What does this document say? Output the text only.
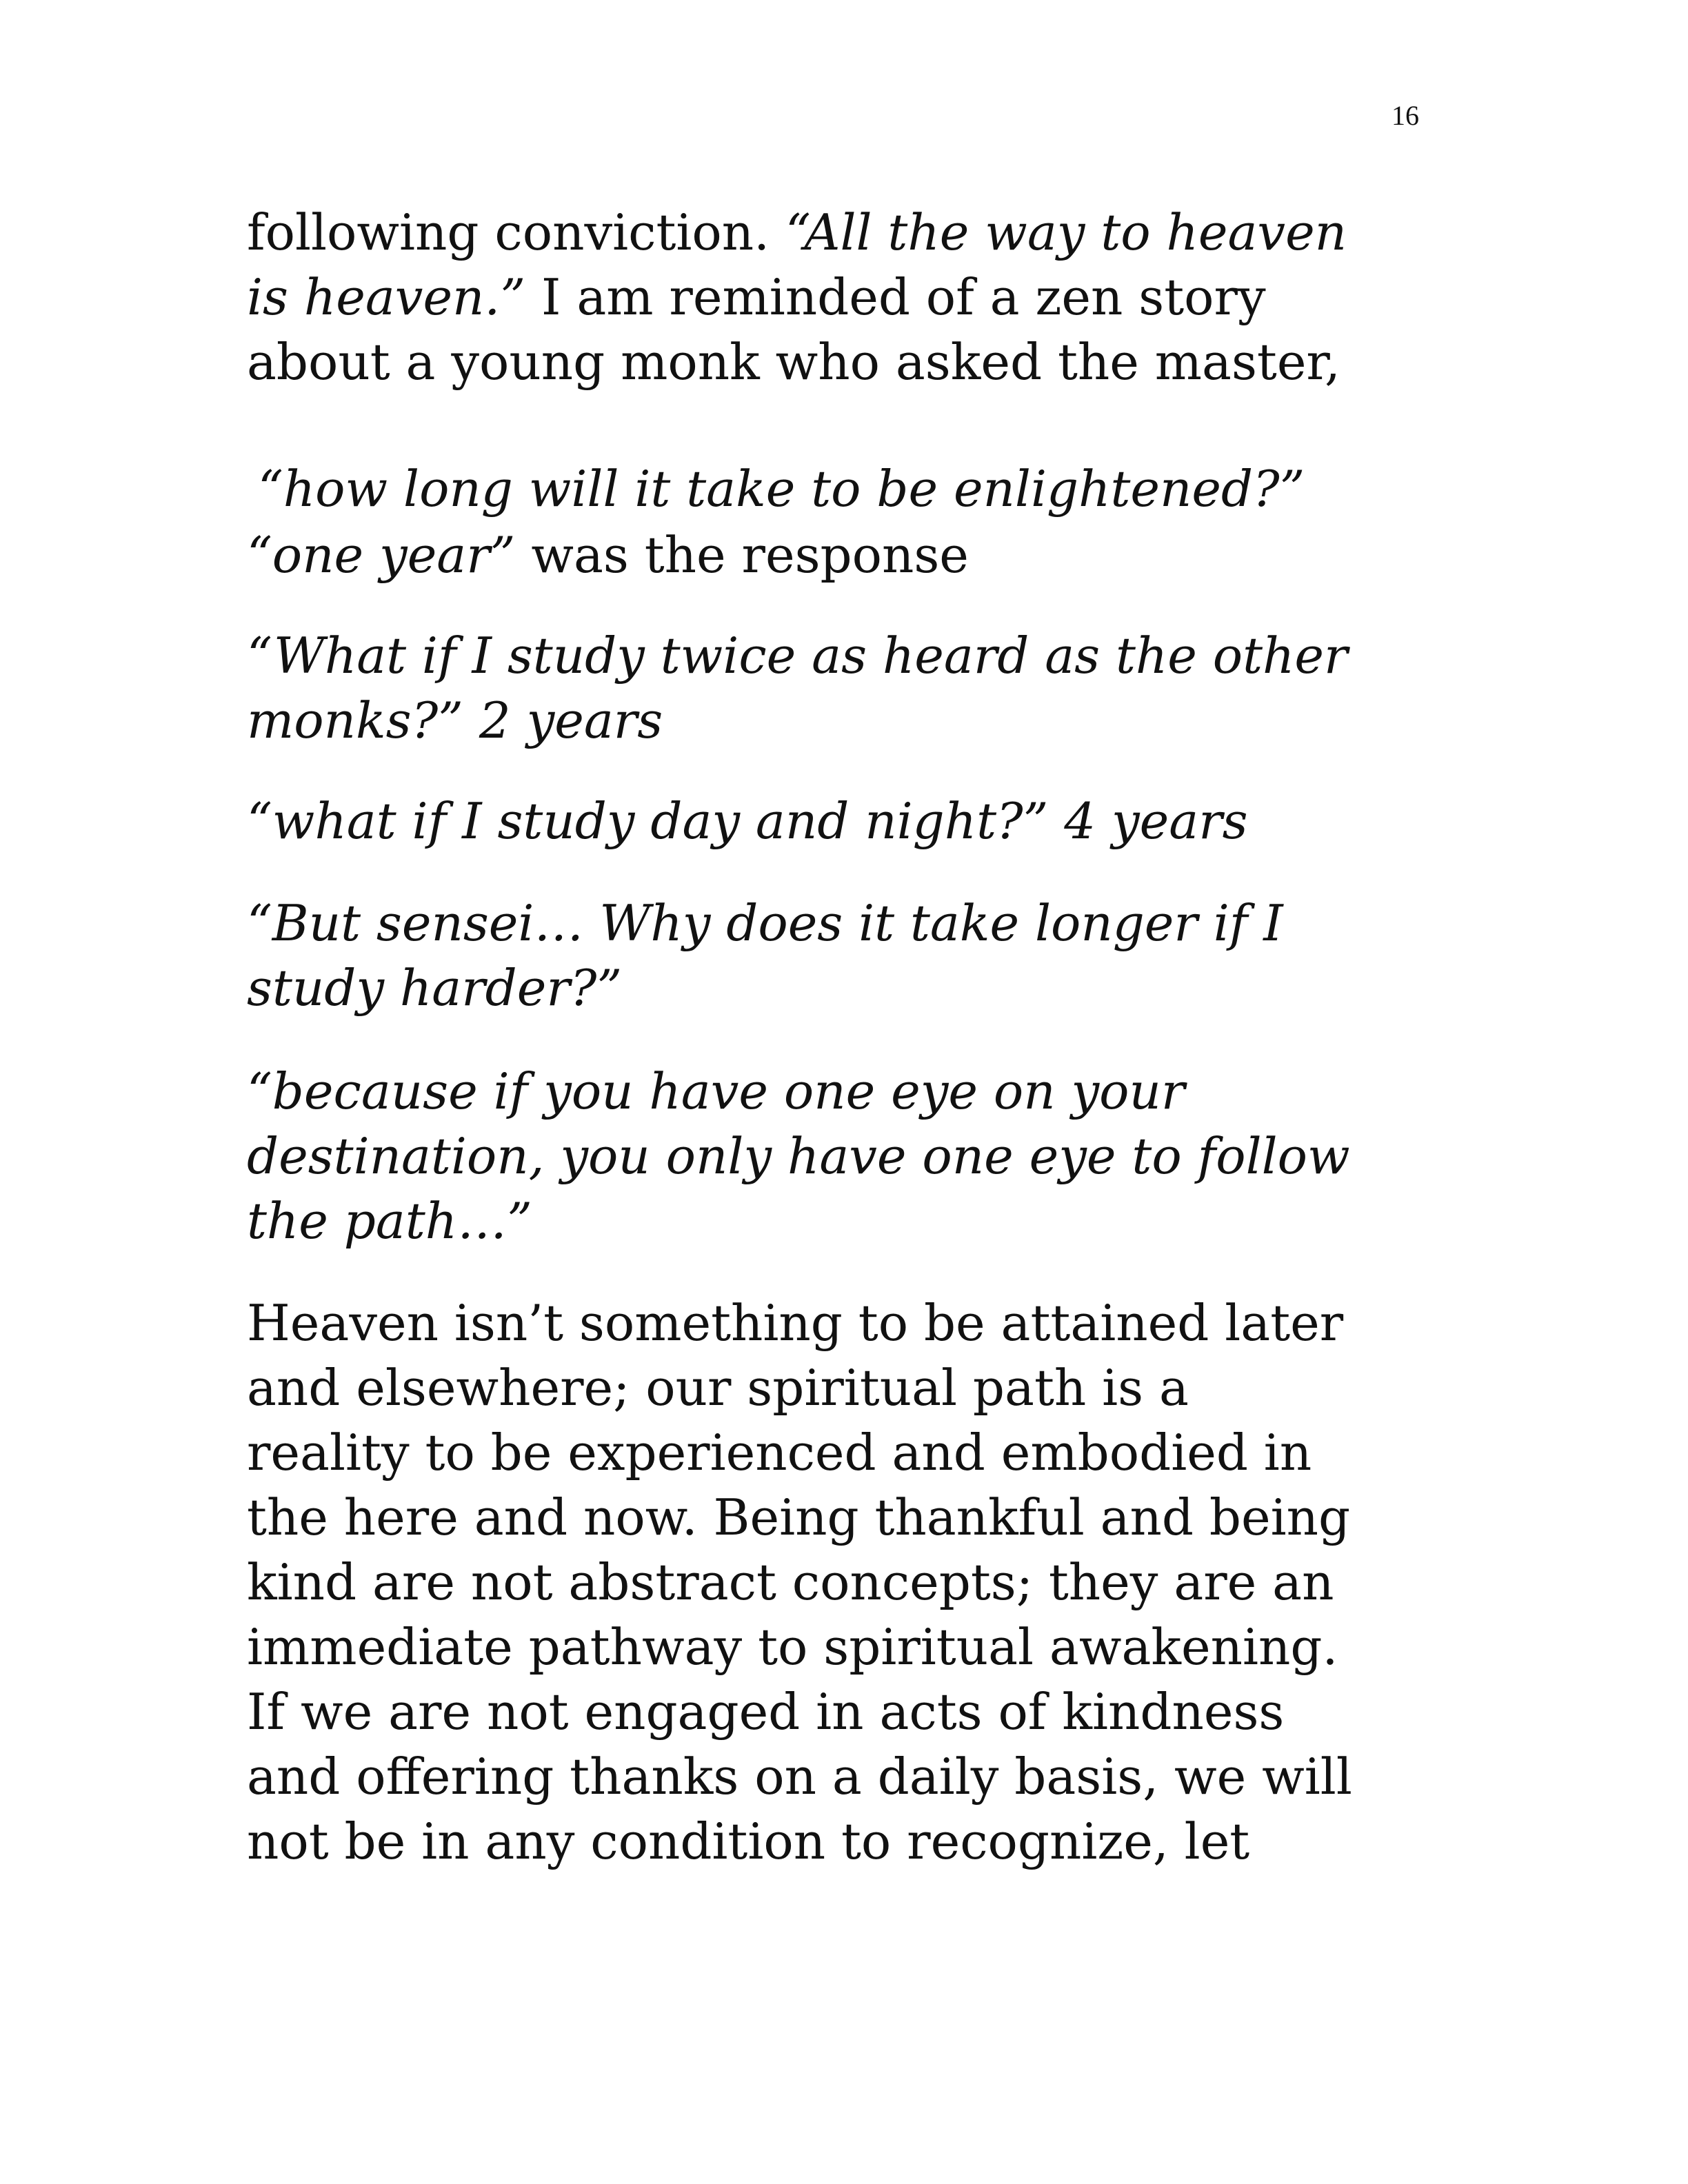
16
following conviction. “All the way to heaven
is heaven.” I am reminded of a zen story
about a young monk who asked the master,
“how long will it take to be enlightened?”
“one year” was the response
“What if I study twice as heard as the other
monks?” 2 years
“what if I study day and night?” 4 years
“But sensei… Why does it take longer if I
study harder?”
“because if you have one eye on your
destination, you only have one eye to follow
the path…”
Heaven isn’t something to be attained later
and elsewhere; our spiritual path is a
reality to be experienced and embodied in
the here and now. Being thankful and being
kind are not abstract concepts; they are an
immediate pathway to spiritual awakening.
If we are not engaged in acts of kindness
and offering thanks on a daily basis, we will
not be in any condition to recognize, let
